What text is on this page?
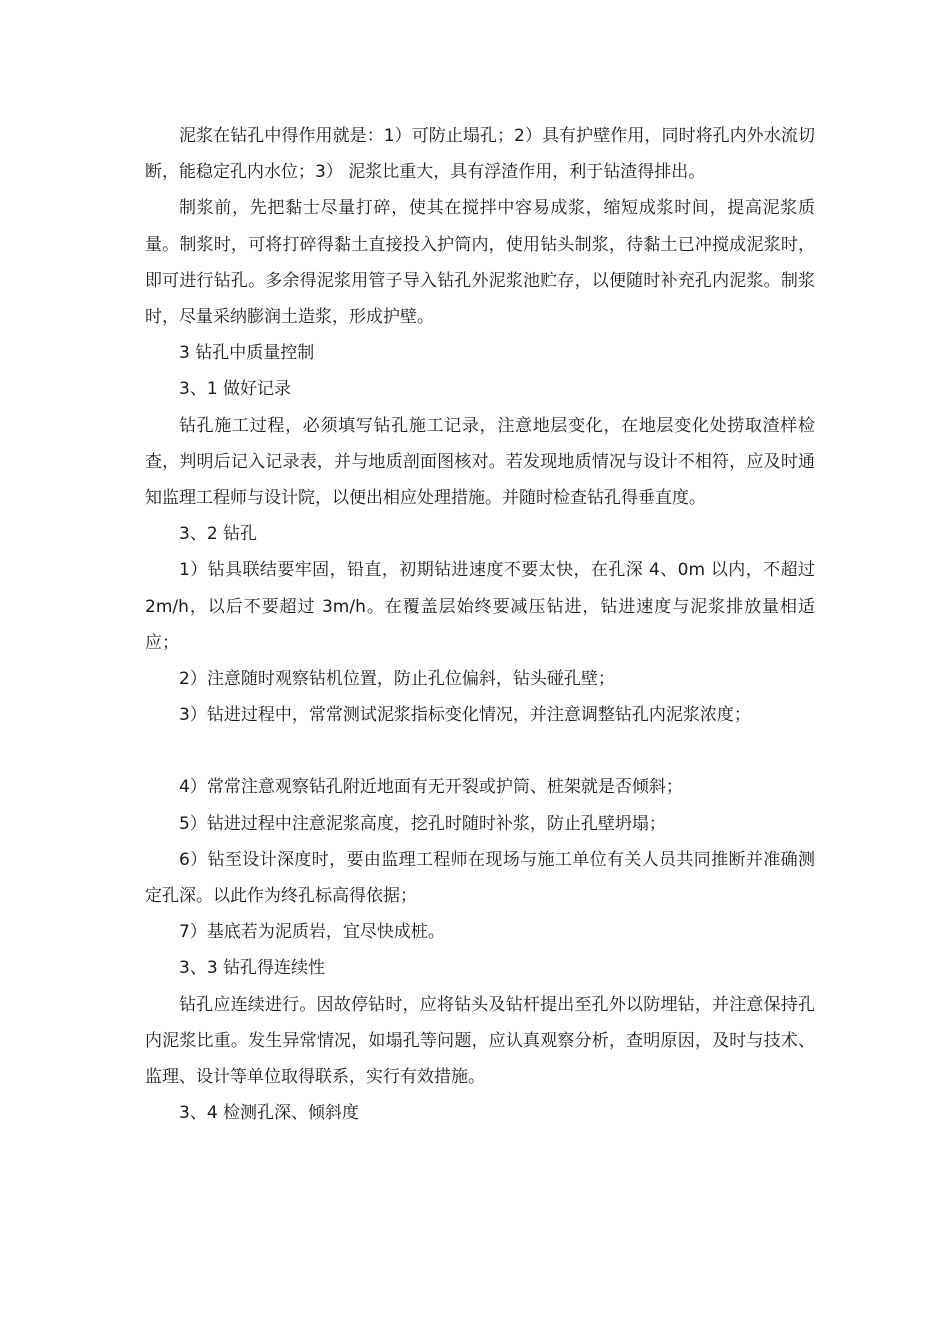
泥浆在钻孔中得作用就是：1）可防止塌孔；2）具有护壁作用，同时将孔内外水流切断，能稳定孔内水位；3） 泥浆比重大，具有浮渣作用，利于钻渣得排出。

制浆前，先把黏士尽量打碎，使其在搅拌中容易成浆，缩短成浆时间，提高泥浆质量。制浆时，可将打碎得黏土直接投入护筒内，使用钻头制浆，待黏土已冲搅成泥浆时，即可进行钻孔。多余得泥浆用管子导入钻孔外泥浆池贮存，以便随时补充孔内泥浆。制浆时，尽量采纳膨润土造浆，形成护壁。

3 钻孔中质量控制

3、1 做好记录

钻孔施工过程，必须填写钻孔施工记录，注意地层变化，在地层变化处捞取渣样检查，判明后记入记录表，并与地质剖面图核对。若发现地质情况与设计不相符，应及时通知监理工程师与设计院，以便出相应处理措施。并随时检查钻孔得垂直度。

3、2 钻孔

1）钻具联结要牢固，铅直，初期钻进速度不要太快，在孔深 4、0m 以内，不超过 2m/h，以后不要超过 3m/h。在覆盖层始终要减压钻进，钻进速度与泥浆排放量相适应；

2）注意随时观察钻机位置，防止孔位偏斜，钻头碰孔壁；

3）钻进过程中，常常测试泥浆指标变化情况，并注意调整钻孔内泥浆浓度；

4）常常注意观察钻孔附近地面有无开裂或护筒、桩架就是否倾斜；

5）钻进过程中注意泥浆高度，挖孔时随时补浆，防止孔壁坍塌；

6）钻至设计深度时，要由监理工程师在现场与施工单位有关人员共同推断并准确测定孔深。以此作为终孔标高得依据；

7）基底若为泥质岩，宜尽快成桩。

3、3 钻孔得连续性

钻孔应连续进行。因故停钻时，应将钻头及钻杆提出至孔外以防埋钻，并注意保持孔内泥浆比重。发生异常情况，如塌孔等问题，应认真观察分析，查明原因，及时与技术、监理、设计等单位取得联系，实行有效措施。

3、4 检测孔深、倾斜度
